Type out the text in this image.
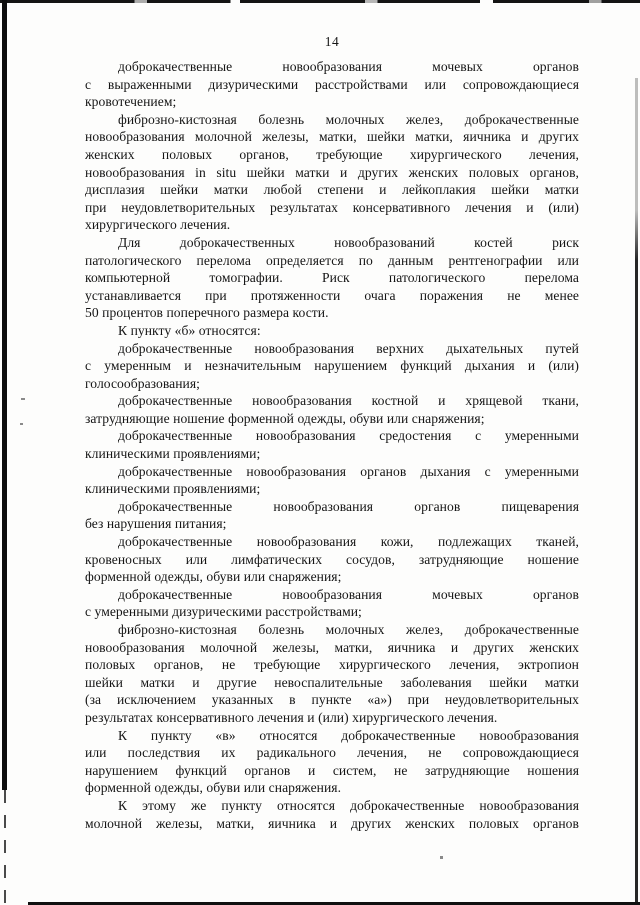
14
доброкачественные новообразования мочевых органов
с выраженными дизурическими расстройствами или сопровождающиеся
кровотечением;
фиброзно-кистозная болезнь молочных желез, доброкачественные
новообразования молочной железы, матки, шейки матки, яичника и других
женских половых органов, требующие хирургического лечения,
новообразования in situ шейки матки и других женских половых органов,
дисплазия шейки матки любой степени и лейкоплакия шейки матки
при неудовлетворительных результатах консервативного лечения и (или)
хирургического лечения.
Для доброкачественных новообразований костей риск
патологического перелома определяется по данным рентгенографии или
компьютерной томографии. Риск патологического перелома
устанавливается при протяженности очага поражения не менее
50 процентов поперечного размера кости.
К пункту «б» относятся:
доброкачественные новообразования верхних дыхательных путей
с умеренным и незначительным нарушением функций дыхания и (или)
голосообразования;
доброкачественные новообразования костной и хрящевой ткани,
затрудняющие ношение форменной одежды, обуви или снаряжения;
доброкачественные новообразования средостения с умеренными
клиническими проявлениями;
доброкачественные новообразования органов дыхания с умеренными
клиническими проявлениями;
доброкачественные новообразования органов пищеварения
без нарушения питания;
доброкачественные новообразования кожи, подлежащих тканей,
кровеносных или лимфатических сосудов, затрудняющие ношение
форменной одежды, обуви или снаряжения;
доброкачественные новообразования мочевых органов
с умеренными дизурическими расстройствами;
фиброзно-кистозная болезнь молочных желез, доброкачественные
новообразования молочной железы, матки, яичника и других женских
половых органов, не требующие хирургического лечения, эктропион
шейки матки и другие невоспалительные заболевания шейки матки
(за исключением указанных в пункте «а») при неудовлетворительных
результатах консервативного лечения и (или) хирургического лечения.
К пункту «в» относятся доброкачественные новообразования
или последствия их радикального лечения, не сопровождающиеся
нарушением функций органов и систем, не затрудняющие ношения
форменной одежды, обуви или снаряжения.
К этому же пункту относятся доброкачественные новообразования
молочной железы, матки, яичника и других женских половых органов
